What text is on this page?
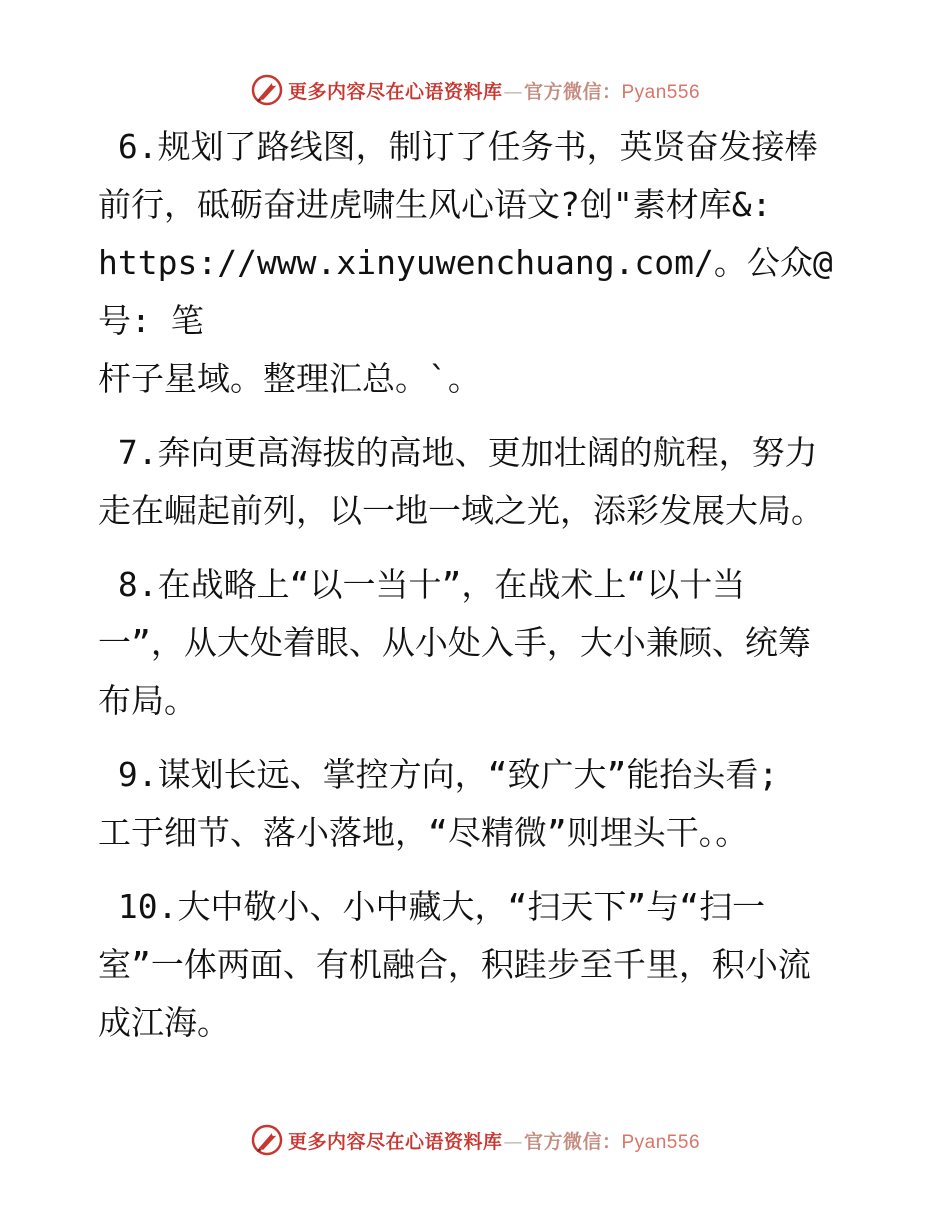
更多内容尽在心语资料库—官方微信：Pyan556

6.规划了路线图，制订了任务书，英贤奋发接棒
前行，砥砺奋进虎啸生风心语文?创"素材库&:
https://www.xinyuwenchuang.com/。公众@号: 笔
杆子星域。整理汇总。`。

7.奔向更高海拔的高地、更加壮阔的航程，努力
走在崛起前列，以一地一域之光，添彩发展大局。

8.在战略上“以一当十”，在战术上“以十当
一”，从大处着眼、从小处入手，大小兼顾、统筹
布局。

9.谋划长远、掌控方向，“致广大”能抬头看;
工于细节、落小落地，“尽精微”则埋头干。。

10.大中敬小、小中藏大，“扫天下”与“扫一
室”一体两面、有机融合，积跬步至千里，积小流
成江海。

更多内容尽在心语资料库—官方微信：Pyan556
